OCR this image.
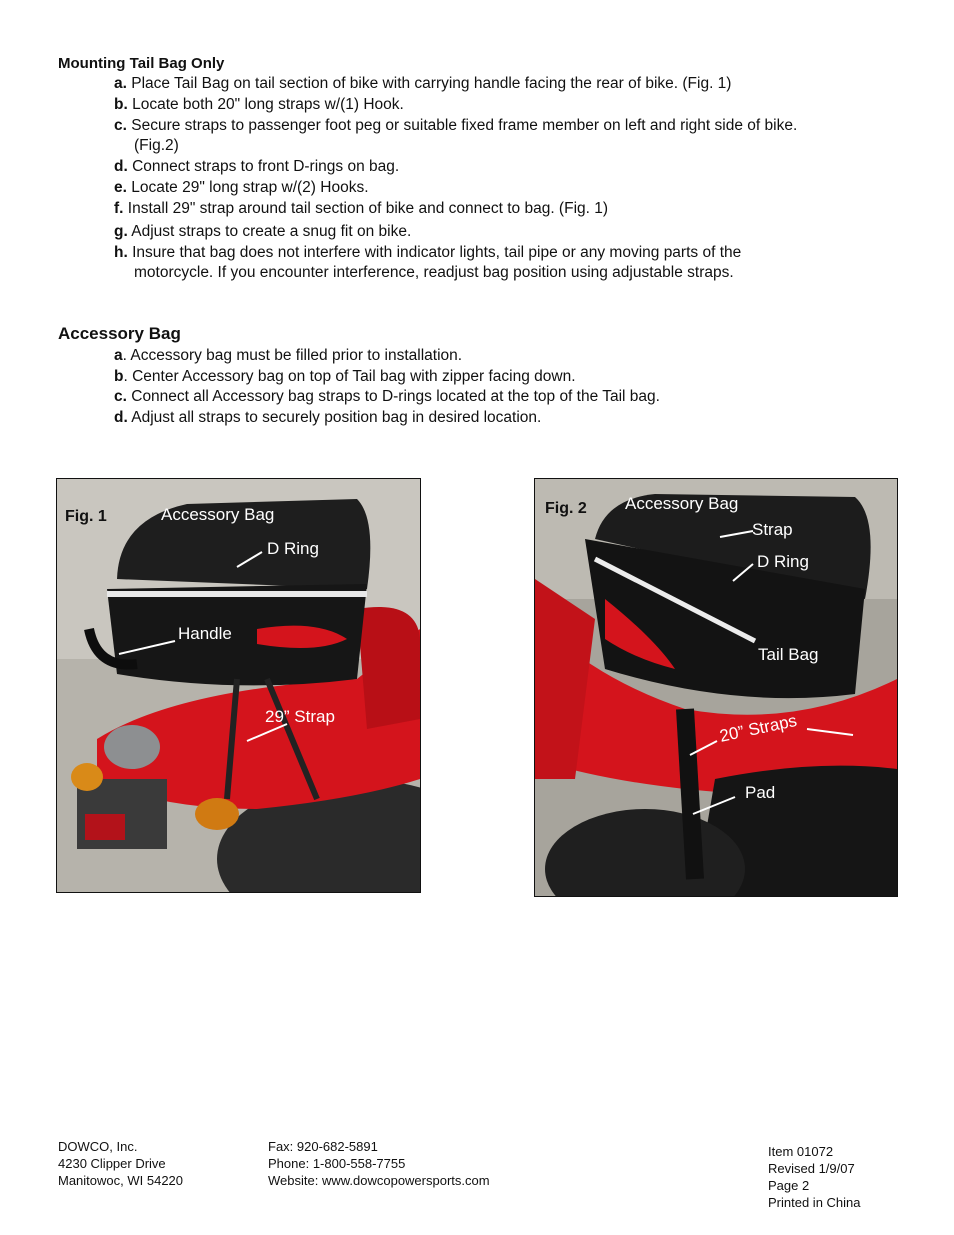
Mounting Tail Bag Only
a. Place Tail Bag on tail section of bike with carrying handle facing the rear of bike. (Fig. 1)
b. Locate both 20" long straps w/(1) Hook.
c. Secure straps to passenger foot peg or suitable fixed frame member on left and right side of bike.
(Fig.2)
d. Connect straps to front D-rings on bag.
e. Locate 29" long strap w/(2) Hooks.
f. Install 29" strap around tail section of bike and connect to bag. (Fig. 1)
g. Adjust straps to create a snug fit on bike.
h. Insure that bag does not interfere with indicator lights, tail pipe or any moving parts of the
motorcycle. If you encounter interference, readjust bag position using adjustable straps.
Accessory Bag
a. Accessory bag must be filled prior to installation.
b. Center Accessory bag on top of Tail bag with zipper facing down.
c. Connect all Accessory bag straps to D-rings located at the top of the Tail bag.
d. Adjust all straps to securely position bag in desired location.
Fig. 1	Accessory Bag
D Ring
Handle
29” Strap
Fig. 2 Accessory Bag
Strap
D Ring
Tail Bag
20” Straps
Pad
DOWCO, Inc.
4230 Clipper Drive
Manitowoc, WI 54220
Fax: 920-682-5891
Phone: 1-800-558-7755
Website: www.dowcopowersports.com
Item 01072
Revised 1/9/07
Page 2
Printed in China
